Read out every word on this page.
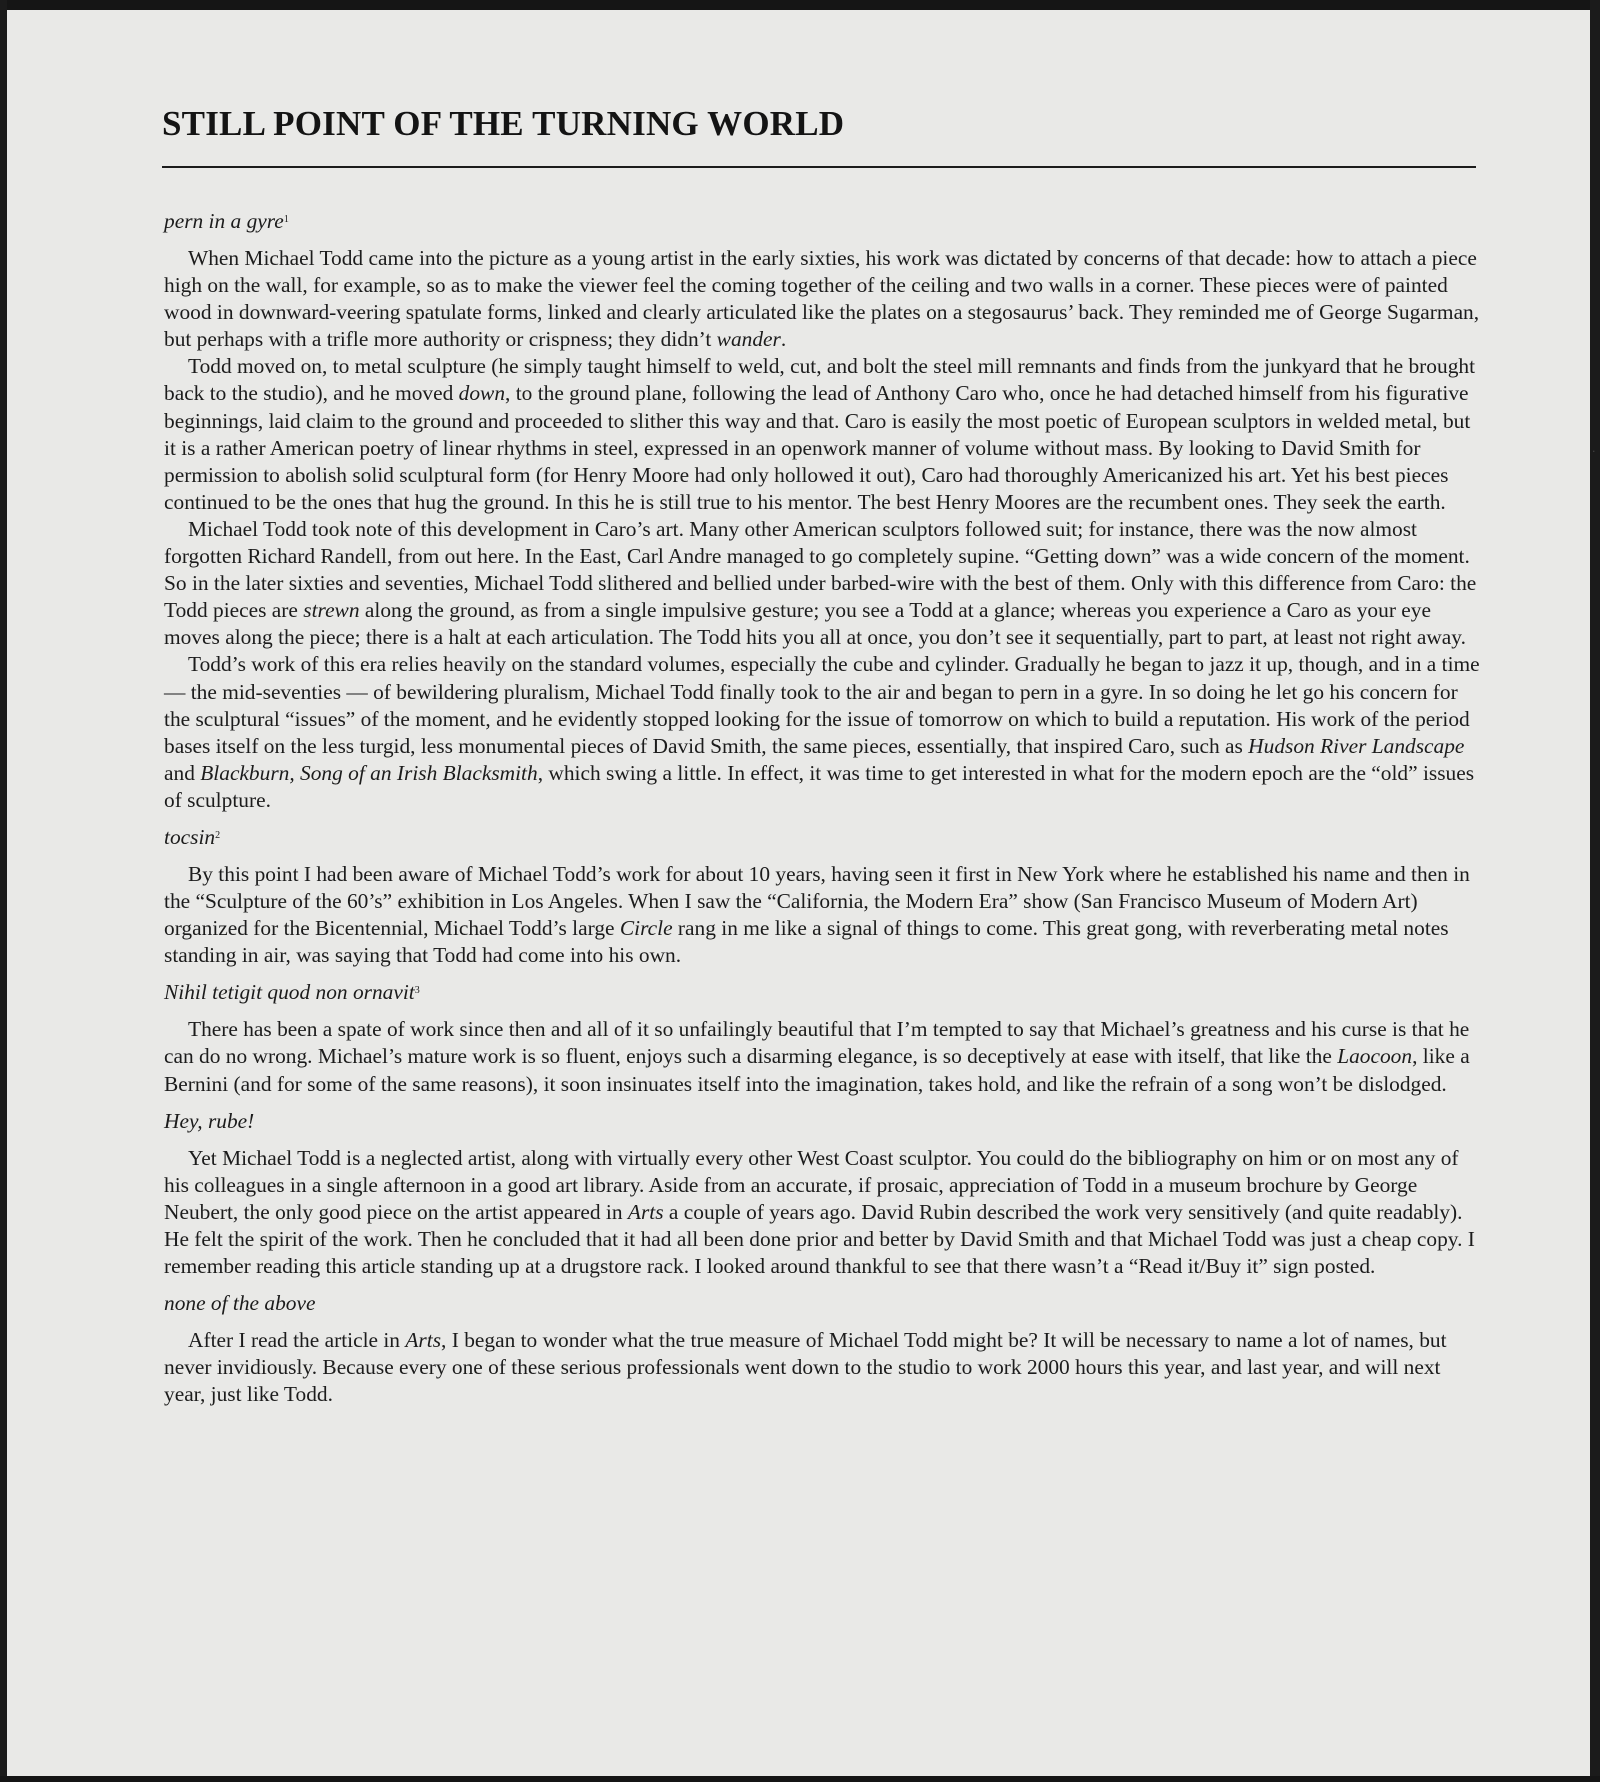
STILL POINT OF THE TURNING WORLD
pern in a gyre$^1$

When Michael Todd came into the picture as a young artist in the early sixties, his work was dictated by concerns of that decade: how to attach a piece high on the wall, for example, so as to make the viewer feel the coming together of the ceiling and two walls in a corner. These pieces were of painted wood in downward-veering spatulate forms, linked and clearly articulated like the plates on a stegosaurus’ back. They reminded me of George Sugarman, but perhaps with a trifle more authority or crispness; they didn’t wander.

Todd moved on, to metal sculpture (he simply taught himself to weld, cut, and bolt the steel mill remnants and finds from the junkyard that he brought back to the studio), and he moved down, to the ground plane, following the lead of Anthony Caro who, once he had detached himself from his figurative beginnings, laid claim to the ground and proceeded to slither this way and that. Caro is easily the most poetic of European sculptors in welded metal, but it is a rather American poetry of linear rhythms in steel, expressed in an openwork manner of volume without mass. By looking to David Smith for permission to abolish solid sculptural form (for Henry Moore had only hollowed it out), Caro had thoroughly Americanized his art. Yet his best pieces continued to be the ones that hug the ground. In this he is still true to his mentor. The best Henry Moores are the recumbent ones. They seek the earth.

Michael Todd took note of this development in Caro’s art. Many other American sculptors followed suit; for instance, there was the now almost forgotten Richard Randell, from out here. In the East, Carl Andre managed to go completely supine. “Getting down” was a wide concern of the moment. So in the later sixties and seventies, Michael Todd slithered and bellied under barbed-wire with the best of them. Only with this difference from Caro: the Todd pieces are strewn along the ground, as from a single impulsive gesture; you see a Todd at a glance; whereas you experience a Caro as your eye moves along the piece; there is a halt at each articulation. The Todd hits you all at once, you don’t see it sequentially, part to part, at least not right away.

Todd’s work of this era relies heavily on the standard volumes, especially the cube and cylinder. Gradually he began to jazz it up, though, and in a time — the mid-seventies — of bewildering pluralism, Michael Todd finally took to the air and began to pern in a gyre. In so doing he let go his concern for the sculptural “issues” of the moment, and he evidently stopped looking for the issue of tomorrow on which to build a reputation. His work of the period bases itself on the less turgid, less monumental pieces of David Smith, the same pieces, essentially, that inspired Caro, such as Hudson River Landscape and Blackburn, Song of an Irish Blacksmith, which swing a little. In effect, it was time to get interested in what for the modern epoch are the “old” issues of sculpture.

tocsin$^2$

By this point I had been aware of Michael Todd’s work for about 10 years, having seen it first in New York where he established his name and then in the “Sculpture of the 60’s” exhibition in Los Angeles. When I saw the “California, the Modern Era” show (San Francisco Museum of Modern Art) organized for the Bicentennial, Michael Todd’s large Circle rang in me like a signal of things to come. This great gong, with reverberating metal notes standing in air, was saying that Todd had come into his own.

Nihil tetigit quod non ornavit$^3$

There has been a spate of work since then and all of it so unfailingly beautiful that I’m tempted to say that Michael’s greatness and his curse is that he can do no wrong. Michael’s mature work is so fluent, enjoys such a disarming elegance, is so deceptively at ease with itself, that like the Laocoon, like a Bernini (and for some of the same reasons), it soon insinuates itself into the imagination, takes hold, and like the refrain of a song won’t be dislodged.

Hey, rube!

Yet Michael Todd is a neglected artist, along with virtually every other West Coast sculptor. You could do the bibliography on him or on most any of his colleagues in a single afternoon in a good art library. Aside from an accurate, if prosaic, appreciation of Todd in a museum brochure by George Neubert, the only good piece on the artist appeared in Arts a couple of years ago. David Rubin described the work very sensitively (and quite readably). He felt the spirit of the work. Then he concluded that it had all been done prior and better by David Smith and that Michael Todd was just a cheap copy. I remember reading this article standing up at a drugstore rack. I looked around thankful to see that there wasn’t a “Read it/Buy it” sign posted.

none of the above

After I read the article in Arts, I began to wonder what the true measure of Michael Todd might be? It will be necessary to name a lot of names, but never invidiously. Because every one of these serious professionals went down to the studio to work 2000 hours this year, and last year, and will next year, just like Todd.

·
